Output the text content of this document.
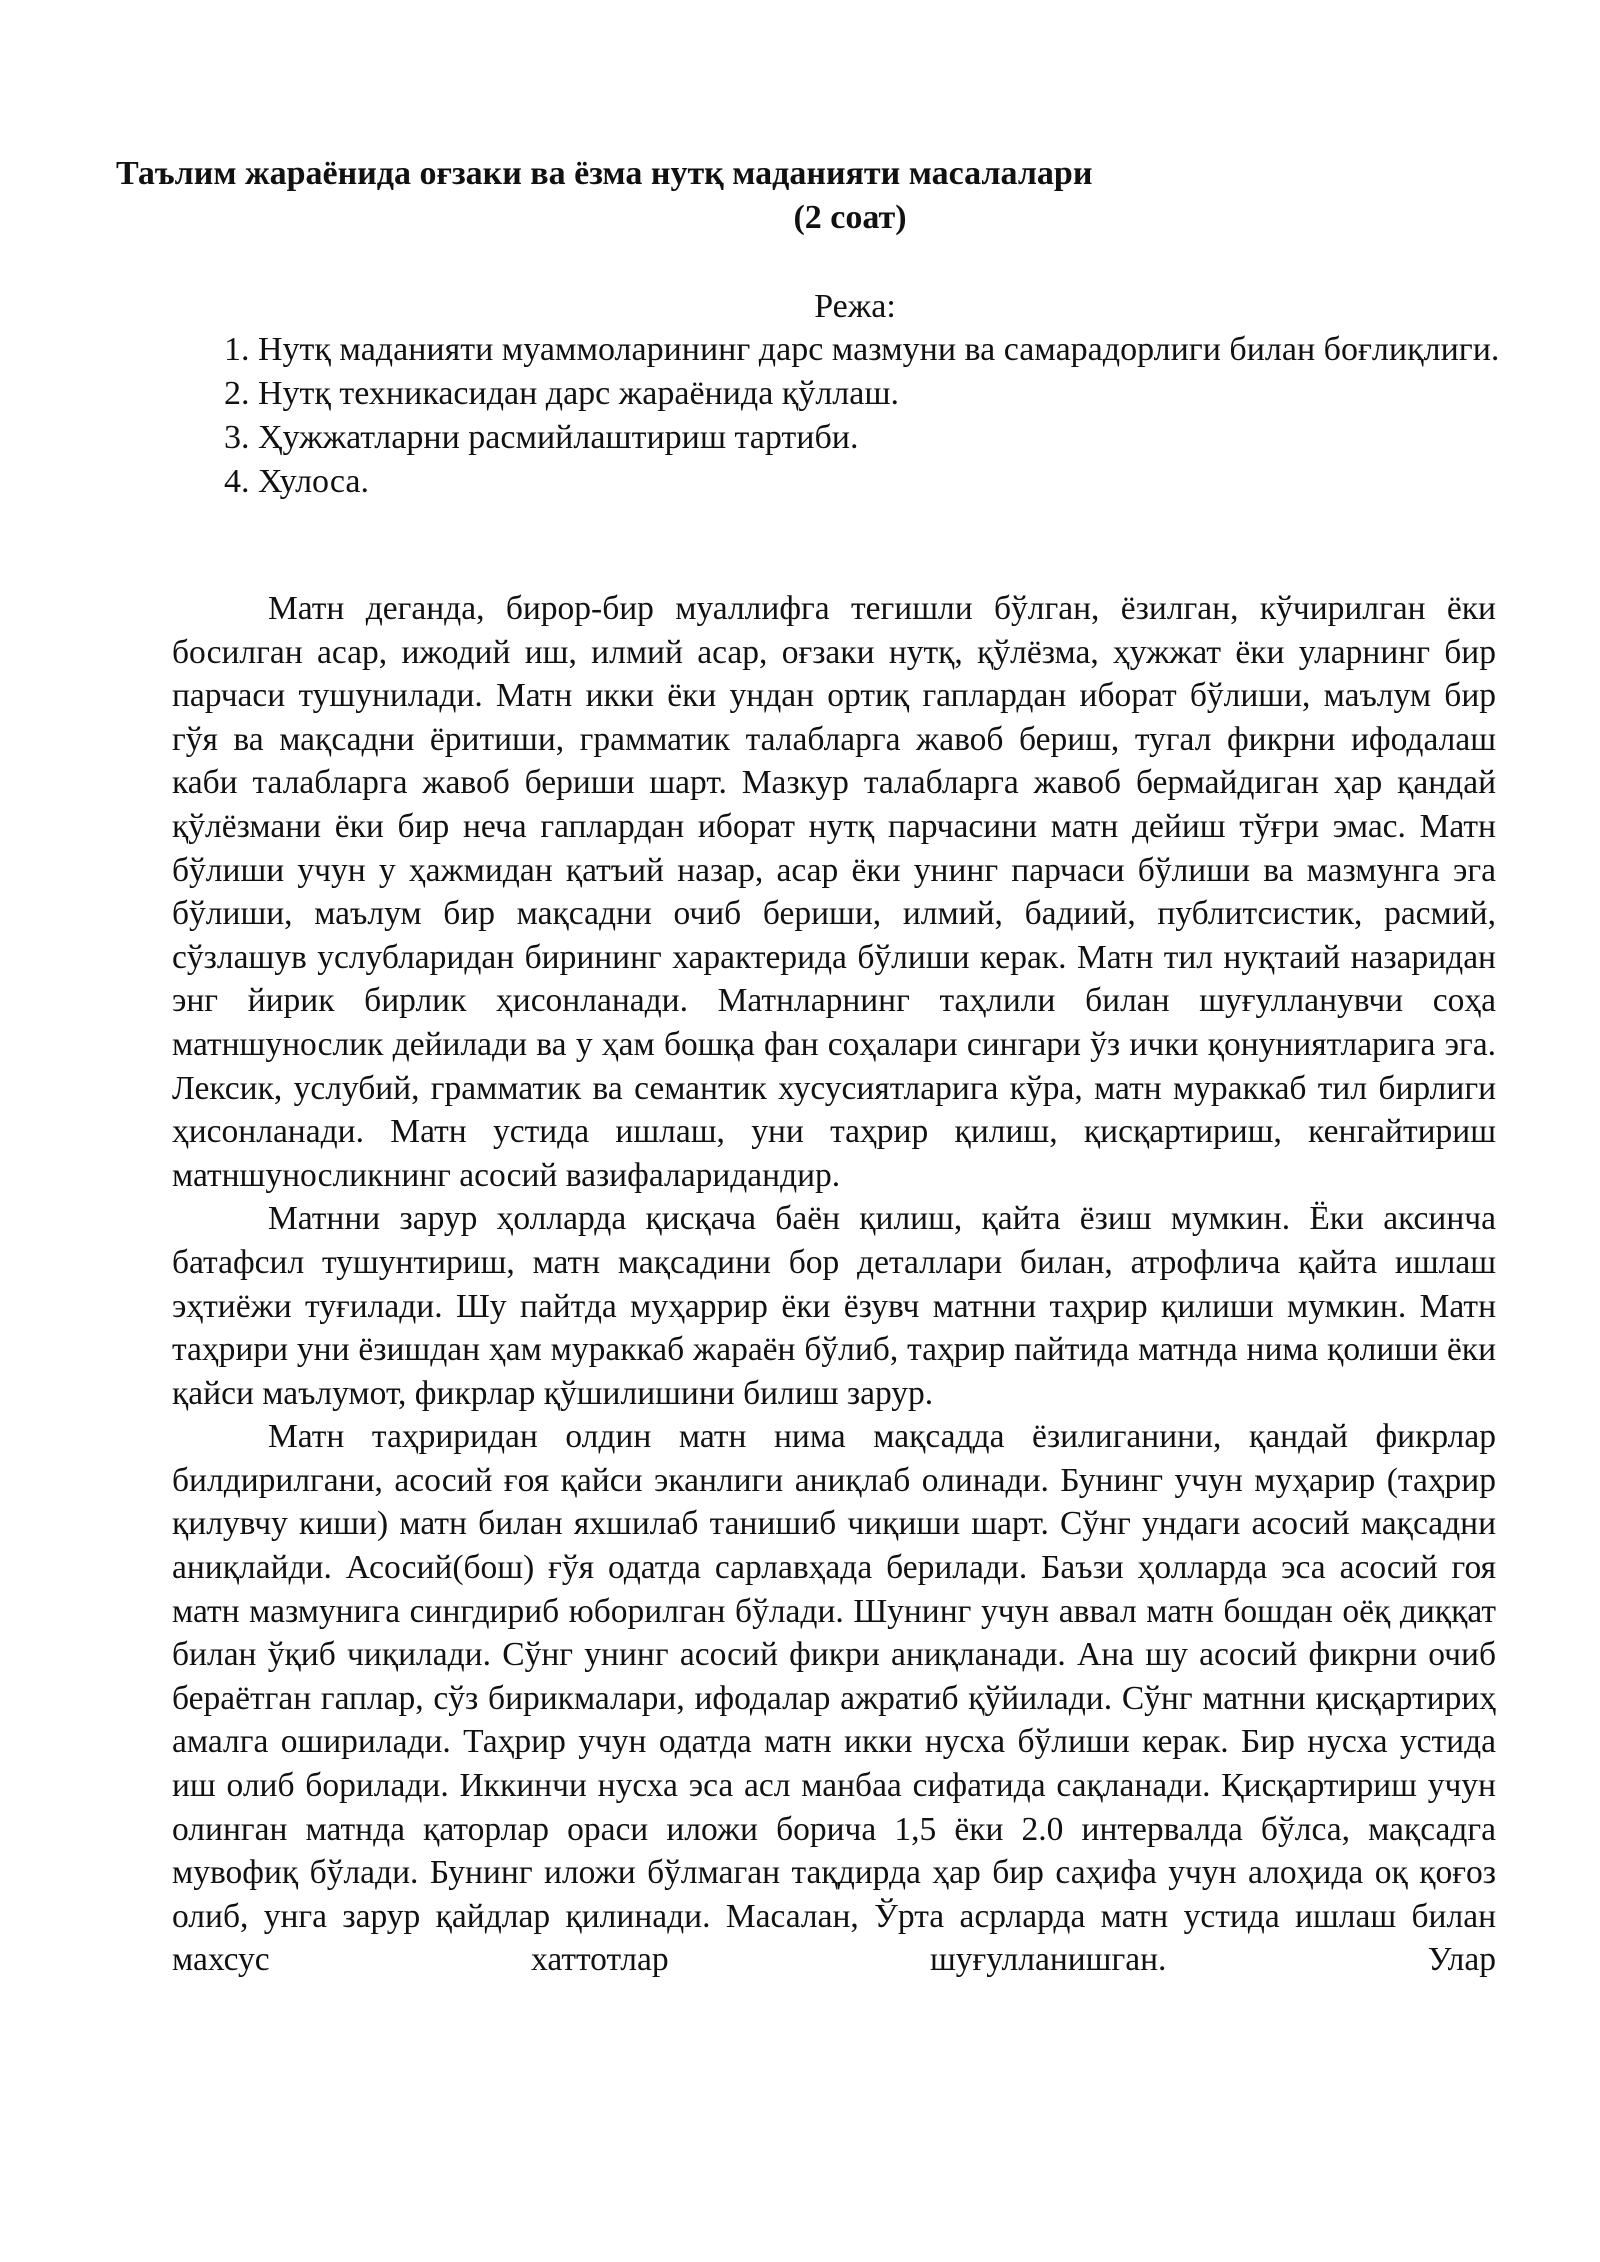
Таълим жараёнида оғзаки ва ёзма нутқ маданияти масалалари
(2 соат)
Режа:
1. Нутқ маданияти муаммоларининг дарс мазмуни ва самарадорлиги билан боғлиқлиги.
2. Нутқ техникасидан дарс жараёнида қўллаш.
3. Ҳужжатларни расмийлаштириш тартиби.
4. Хулоса.

Матн деганда, бирор-бир муаллифга тегишли бўлган, ёзилган, кўчирилган ёки босилган асар, ижодий иш, илмий асар, оғзаки нутқ, қўлёзма, ҳужжат ёки уларнинг бир парчаси тушунилади. Матн икки ёки ундан ортиқ гаплардан иборат бўлиши, маълум бир гўя ва мақсадни ёритиши, грамматик талабларга жавоб бериш, тугал фикрни ифодалаш каби талабларга жавоб бериши шарт. Мазкур талабларга жавоб бермайдиган ҳар қандай қўлёзмани ёки бир неча гаплардан иборат нутқ парчасини матн дейиш тўғри эмас. Матн бўлиши учун у ҳажмидан қатъий назар, асар ёки унинг парчаси бўлиши ва мазмунга эга бўлиши, маълум бир мақсадни очиб бериши, илмий, бадиий, публитсистик, расмий, сўзлашув услубларидан бирининг характерида бўлиши керак. Матн тил нуқтаий назаридан энг йирик бирлик ҳисонланади. Матнларнинг таҳлили билан шуғулланувчи соҳа матншунослик дейилади ва у ҳам бошқа фан соҳалари сингари ўз ички қонуниятларига эга. Лексик, услубий, грамматик ва семантик хусусиятларига кўра, матн мураккаб тил бирлиги ҳисонланади. Матн устида ишлаш, уни таҳрир қилиш, қисқартириш, кенгайтириш матншуносликнинг асосий вазифаларидандир.

Матнни зарур ҳолларда қисқача баён қилиш, қайта ёзиш мумкин. Ёки аксинча батафсил тушунтириш, матн мақсадини бор деталлари билан, атрофлича қайта ишлаш эҳтиёжи туғилади. Шу пайтда муҳаррир ёки ёзувч матнни таҳрир қилиши мумкин. Матн таҳрири уни ёзишдан ҳам мураккаб жараён бўлиб, таҳрир пайтида матнда нима қолиши ёки қайси маълумот, фикрлар қўшилишини билиш зарур.

Матн таҳриридан олдин матн нима мақсадда ёзилиганини, қандай фикрлар билдирилгани, асосий ғоя қайси эканлиги аниқлаб олинади. Бунинг учун муҳарир (таҳрир қилувчу киши) матн билан яхшилаб танишиб чиқиши шарт. Сўнг ундаги асосий мақсадни аниқлайди. Асосий(бош) ғўя одатда сарлавҳада берилади. Баъзи ҳолларда эса асосий гоя матн мазмунига сингдириб юборилган бўлади. Шунинг учун аввал матн бошдан оёқ диққат билан ўқиб чиқилади. Сўнг унинг асосий фикри аниқланади. Ана шу асосий фикрни очиб бераётган гаплар, сўз бирикмалари, ифодалар ажратиб қўйилади. Сўнг матнни қисқартириҳ амалга оширилади. Таҳрир учун одатда матн икки нусха бўлиши керак. Бир нусха устида иш олиб борилади. Иккинчи нусха эса асл манбаа сифатида сақланади. Қисқартириш учун олинган матнда қаторлар ораси иложи борича 1,5 ёки 2.0 интервалда бўлса, мақсадга мувофиқ бўлади. Бунинг иложи бўлмаган тақдирда ҳар бир саҳифа учун алоҳида оқ қоғоз олиб, унга зарур қайдлар қилинади. Масалан, Ўрта асрларда матн устида ишлаш билан махсус хаттотлар шуғулланишган. Улар
